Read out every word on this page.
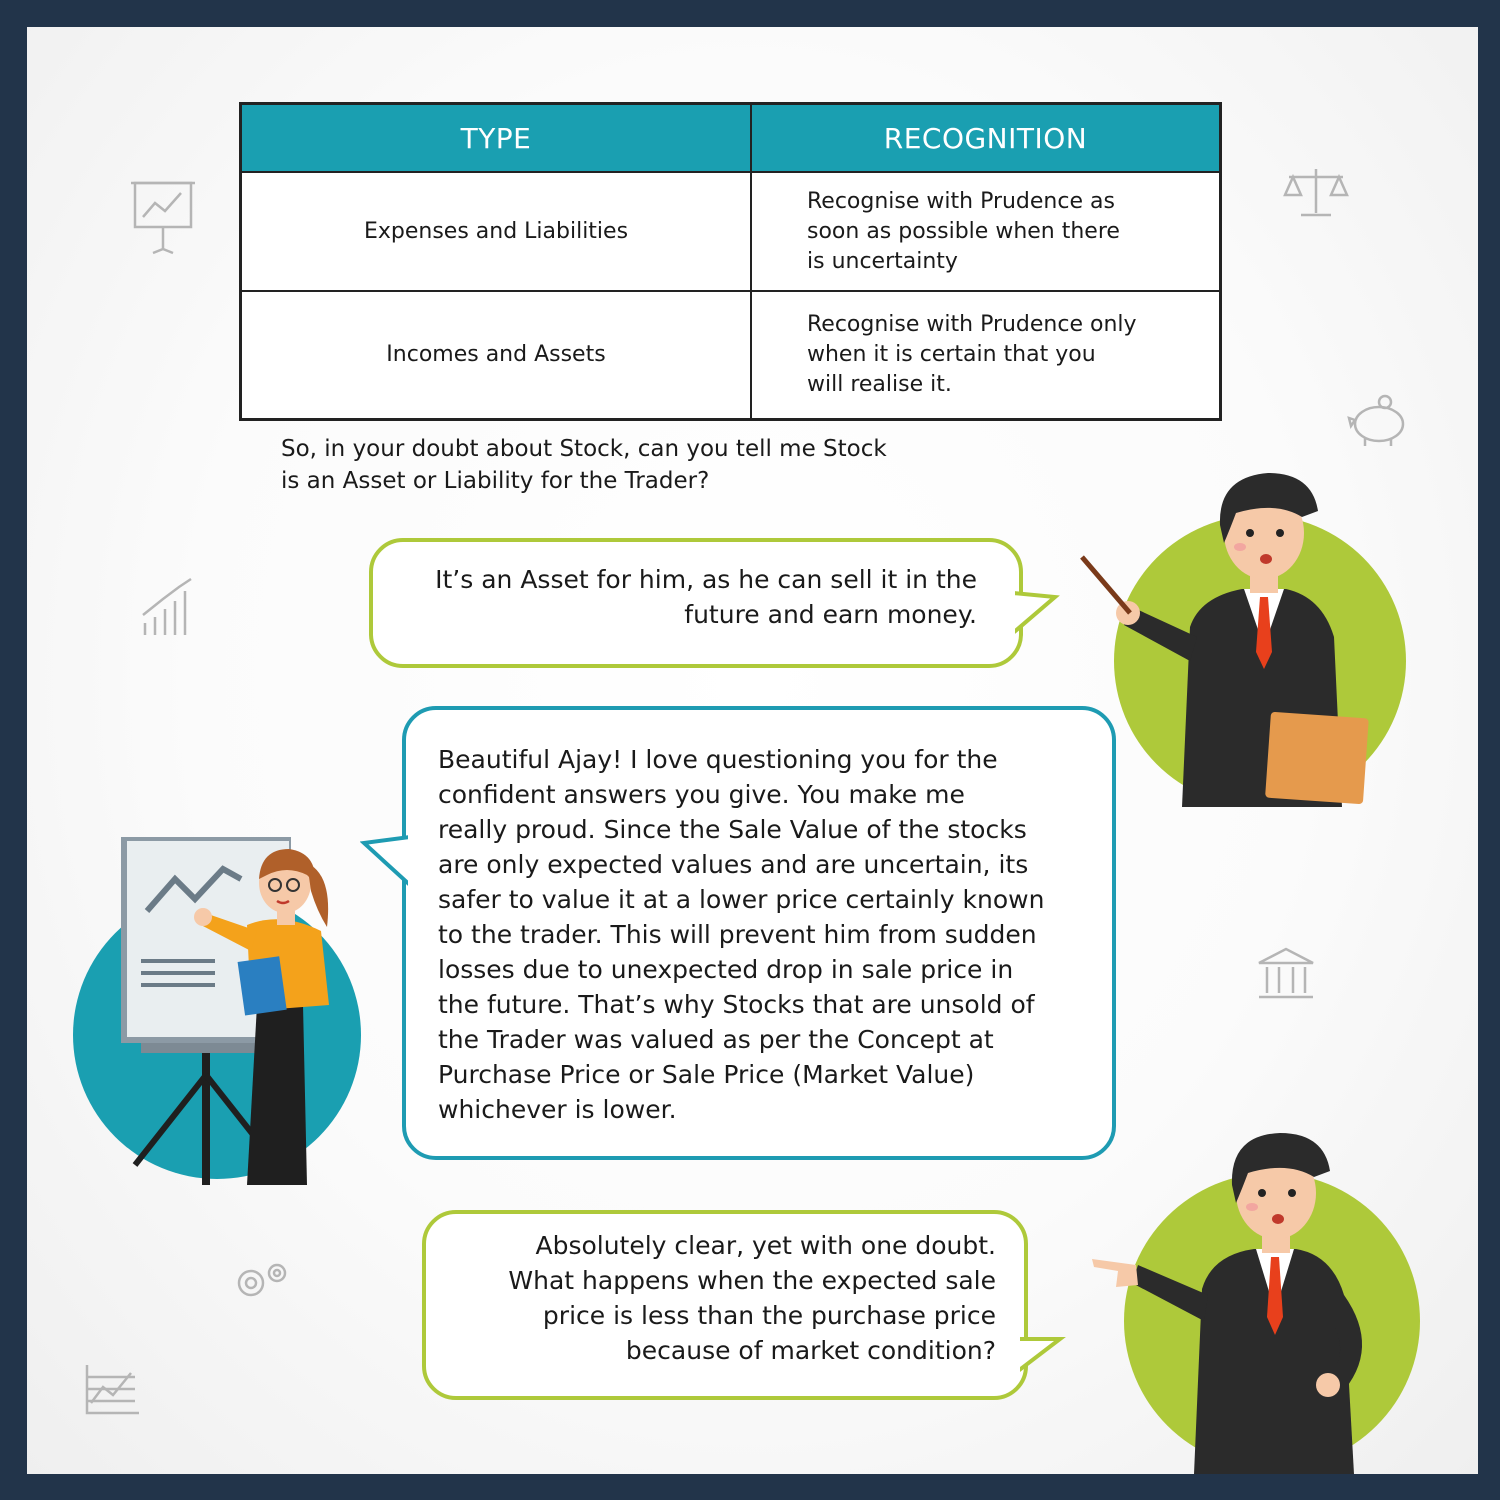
TYPE	RECOGNITION
Expenses and Liabilities	Recognise with Prudence as
soon as possible when there
is uncertainty

Incomes and Assets	Recognise with Prudence only
when it is certain that you
will realise it.
So, in your doubt about Stock, can you tell me Stock
is an Asset or Liability for the Trader?
It’s an Asset for him, as he can sell it in the
future and earn money.
Beautiful Ajay! I love questioning you for the
confident answers you give. You make me
really proud. Since the Sale Value of the stocks
are only expected values and are uncertain, its
safer to value it at a lower price certainly known
to the trader. This will prevent him from sudden
losses due to unexpected drop in sale price in
the future. That’s why Stocks that are unsold of
the Trader was valued as per the Concept at
Purchase Price or Sale Price (Market Value)
whichever is lower.
Absolutely clear, yet with one doubt.
What happens when the expected sale
price is less than the purchase price
because of market condition?
